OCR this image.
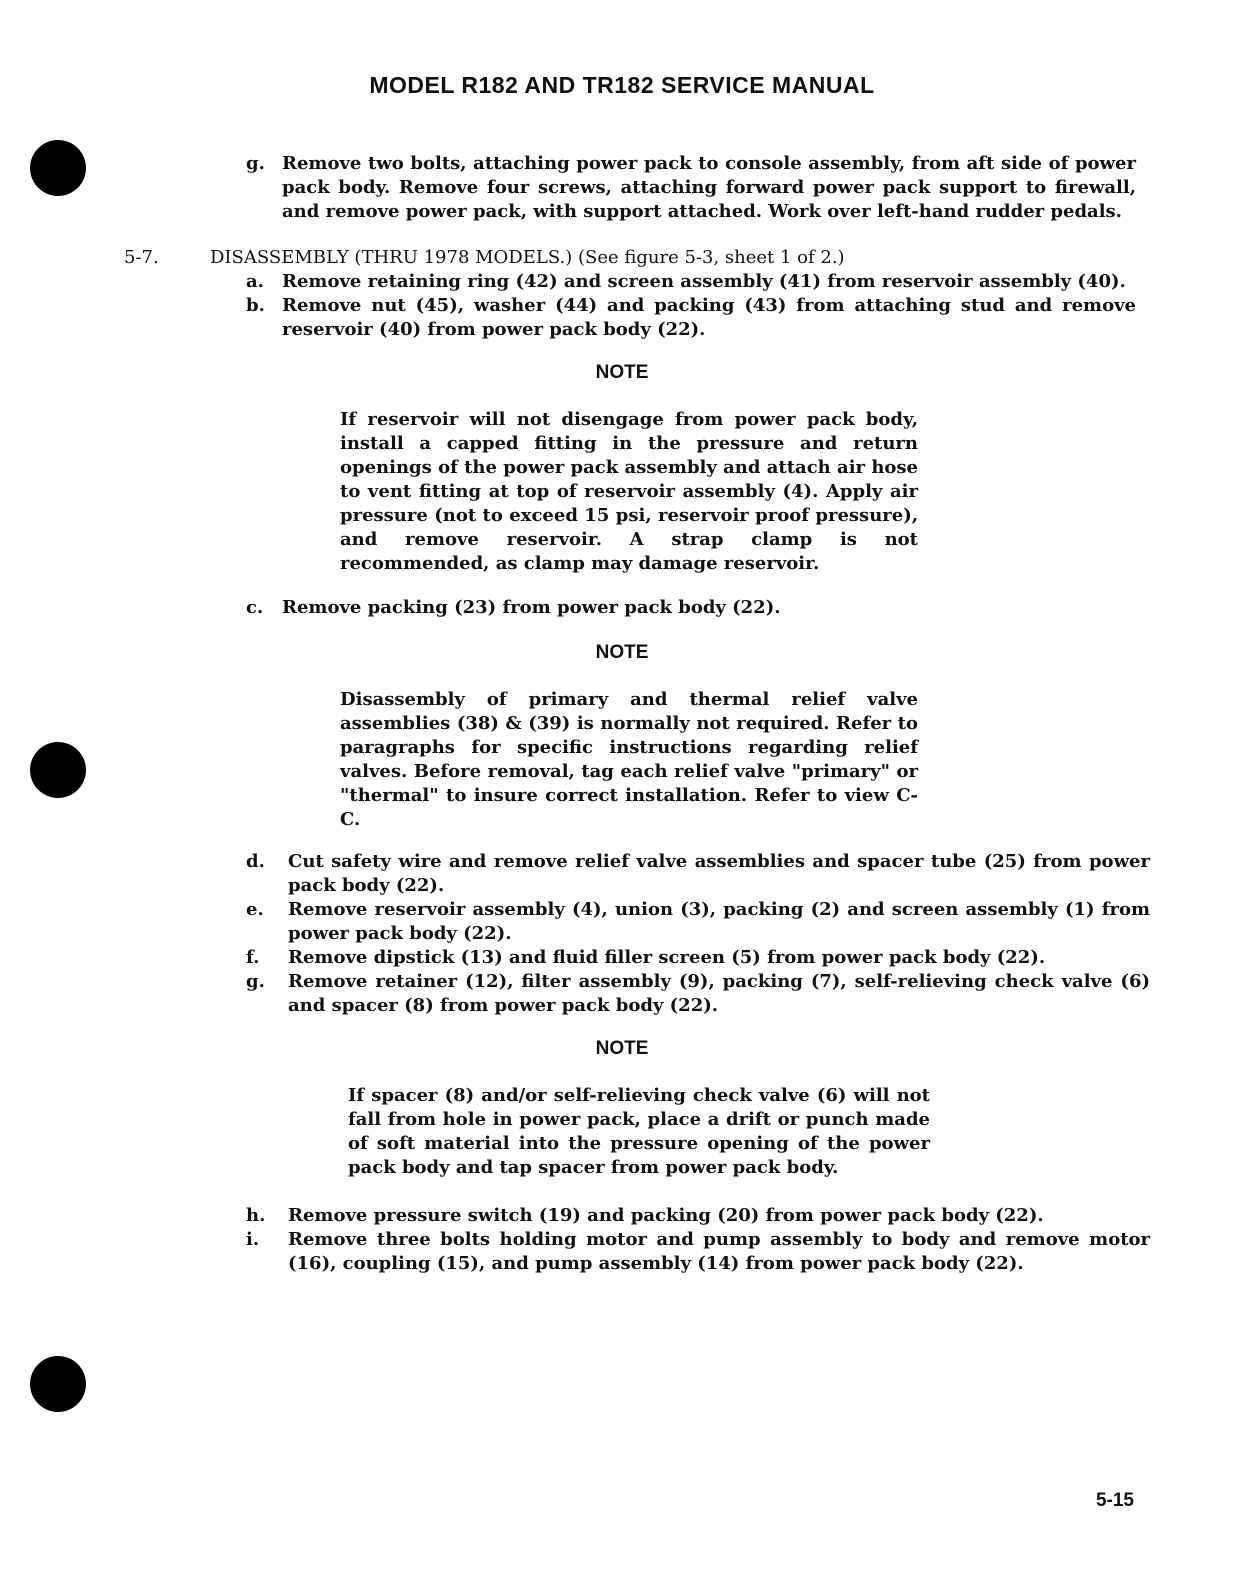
MODEL R182 AND TR182 SERVICE MANUAL
g. Remove two bolts, attaching power pack to console assembly, from aft side of power pack body. Remove four screws, attaching forward power pack support to firewall, and remove power pack, with support attached. Work over left-hand rudder pedals.
5-7.	DISASSEMBLY (THRU 1978 MODELS.) (See figure 5-3, sheet 1 of 2.)
a. Remove retaining ring (42) and screen assembly (41) from reservoir assembly (40).
b. Remove nut (45), washer (44) and packing (43) from attaching stud and remove reservoir (40) from power pack body (22).
NOTE
If reservoir will not disengage from power pack body, install a capped fitting in the pressure and return openings of the power pack assembly and attach air hose to vent fitting at top of reservoir assembly (4). Apply air pressure (not to exceed 15 psi, reservoir proof pressure), and remove reservoir. A strap clamp is not recommended, as clamp may damage reservoir.
c. Remove packing (23) from power pack body (22).
NOTE
Disassembly of primary and thermal relief valve assemblies (38) & (39) is normally not required. Refer to paragraphs for specific instructions regarding relief valves. Before removal, tag each relief valve "primary" or "thermal" to insure correct installation. Refer to view C-C.
d. Cut safety wire and remove relief valve assemblies and spacer tube (25) from power pack body (22).
e. Remove reservoir assembly (4), union (3), packing (2) and screen assembly (1) from power pack body (22).
f. Remove dipstick (13) and fluid filler screen (5) from power pack body (22).
g. Remove retainer (12), filter assembly (9), packing (7), self-relieving check valve (6) and spacer (8) from power pack body (22).
NOTE
If spacer (8) and/or self-relieving check valve (6) will not fall from hole in power pack, place a drift or punch made of soft material into the pressure opening of the power pack body and tap spacer from power pack body.
h. Remove pressure switch (19) and packing (20) from power pack body (22).
i. Remove three bolts holding motor and pump assembly to body and remove motor (16), coupling (15), and pump assembly (14) from power pack body (22).
5-15
